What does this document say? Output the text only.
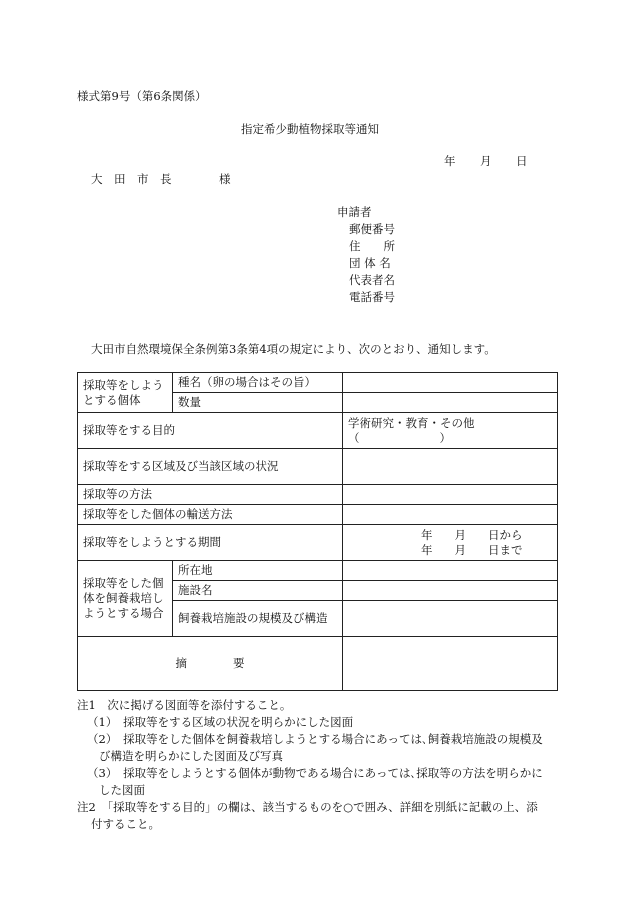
様式第9号（第6条関係）
指定希少動植物採取等通知
年 月 日
大　田　市　長	様
申請者
郵便番号
住　　所
団 体 名
代表者名
電話番号
大田市自然環境保全条例第3条第4項の規定により、次のとおり、通知します。
採取等をしよう
とする個体	種名（卵の場合はその旨）	
	数量	
採取等をする目的		学術研究・教育・その他
（ ）

採取等をする区域及び当該区域の状況		
採取等の方法		
採取等をした個体の輸送方法		
採取等をしようとする期間		年 月 日から
年 月 日まで

採取等をした個
体を飼養栽培し
ようとする場合	所在地	
	施設名	
	飼養栽培施設の規模及び構造	
摘　　　　要		
注1　次に掲げる図面等を添付すること。
（1）　採取等をする区域の状況を明らかにした図面
（2）　採取等をした個体を飼養栽培しようとする場合にあっては､飼養栽培施設の規模及
び構造を明らかにした図面及び写真
（3）　採取等をしようとする個体が動物である場合にあっては､採取等の方法を明らかに
した図面
注2　「採取等をする目的」の欄は、該当するものを○で囲み、詳細を別紙に記載の上、添
付すること。
